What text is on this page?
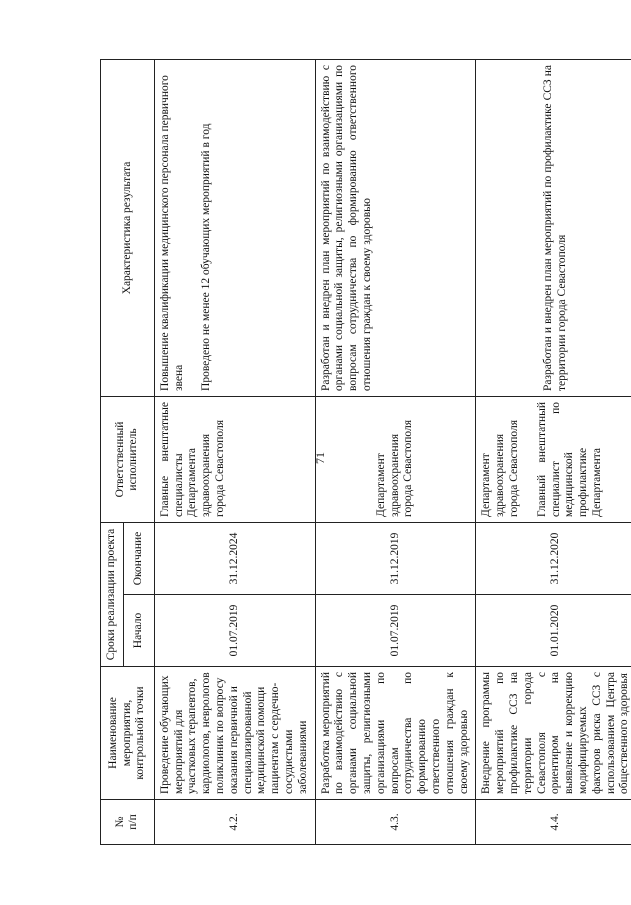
71
№
п/п	Наименование мероприятия, контрольной точки	Сроки реализации проекта		Ответственный исполнитель	Характеристика результата
		Начало	Окончание		
4.2.	Проведение обучающих мероприятий для участковых терапевтов, кардиологов, неврологов поликлиник по вопросу оказания первичной и специализированной медицинской помощи пациентам с сердечно-сосудистыми заболеваниями	01.07.2019	31.12.2024	Главные внештатные специалисты Департамента здравоохранения города Севастополя	Повышение квалификации медицинского персонала первичного звена Проведено не менее 12 обучающих мероприятий в год
4.3.	Разработка мероприятий по взаимодействию с органами социальной защиты, религиозными организациями по вопросам сотрудничества по формированию ответственного отношения граждан к своему здоровью	01.07.2019	31.12.2019	Департамент здравоохранения города Севастополя	Разработан и внедрен план мероприятий по взаимодействию с органами социальной защиты, религиозными организациями по вопросам сотрудничества по формированию ответственного отношения граждан к своему здоровью
4.4.	Внедрение программы мероприятий по профилактике ССЗ на территории города Севастополя с ориентиром на выявление и коррекцию модифицируемых факторов риска ССЗ с использованием Центра общественного здоровья	01.01.2020	31.12.2020	Департамент здравоохранения города Севастополя Главный внештатный специалист по медицинской профилактике Департамента	Разработан и внедрен план мероприятий по профилактике ССЗ на территории города Севастополя
